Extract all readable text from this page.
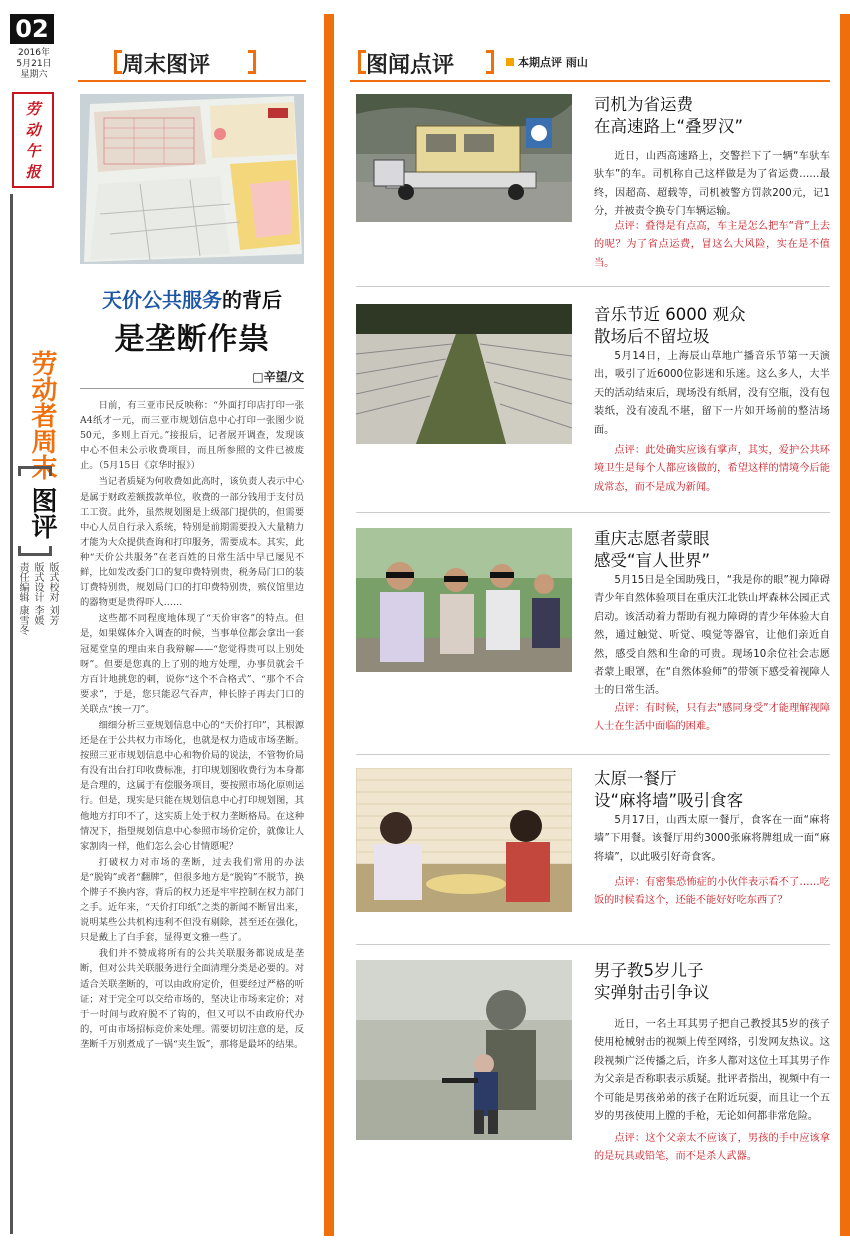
02
2016年
5月21日
星期六
劳
动
午
报
劳动者周末
图评
版式校对 刘芳
版式设计 李媛
责任编辑 康雪冬
周末图评
天价公共服务的背后
是垄断作祟
□辛望/文

日前，有三亚市民反映称：“外面打印店打印一张A4纸才一元，而三亚市规划信息中心打印一张图少说50元，多则上百元。”接报后，记者展开调查，发现该中心不但未公示收费项目，而且所参照的文件已被废止。（5月15日《京华时报》）

当记者质疑为何收费如此高时，该负责人表示中心是属于财政差额拨款单位，收费的一部分钱用于支付员工工资。此外，虽然规划图是上级部门提供的，但需要中心人员自行录入系统，特别是前期需要投入大量精力才能为大众提供查询和打印服务，需要成本。其实，此种“天价公共服务”在老百姓的日常生活中早已屡见不鲜，比如发改委门口的复印费特别贵，税务局门口的装订费特别贵，规划局门口的打印费特别贵，殡仪馆里边的器物更是贵得吓人……

这些都不同程度地体现了“天价审客”的特点。但是，如果媒体介入调查的时候，当事单位都会拿出一套冠冕堂皇的理由来自我辩解——“您觉得贵可以上别处呀”。但要是您真的上了别的地方处理，办事员就会千方百计地挑您的刺，说你“这个不合格式”、“那个不合要求”，于是，您只能忍气吞声，伸长脖子再去门口的关联点“挨一刀”。

细细分析三亚规划信息中心的“天价打印”，其根源还是在于公共权力市场化，也就是权力造成市场垄断。按照三亚市规划信息中心和物价局的说法，不管物价局有没有出台打印收费标准，打印规划图收费行为本身都是合理的，这属于有偿服务项目，要按照市场化原则运行。但是，现实是只能在规划信息中心打印规划图，其他地方打印不了，这实质上处于权力垄断格局。在这种情况下，指望规划信息中心参照市场价定价，就像让人家割肉一样，他们怎么会心甘情愿呢？

打破权力对市场的垄断，过去我们常用的办法是“脱钩”或者“翻牌”，但很多地方是“脱钩”不脱节，换个牌子不换内容，背后的权力还是牢牢控制在权力部门之手。近年来，“天价打印纸”之类的新闻不断冒出来，说明某些公共机构违利不但没有剔除，甚至还在强化，只是戴上了白手套，显得更文雅一些了。

我们并不赞成将所有的公共关联服务都说成是垄断，但对公共关联服务进行全面清理分类是必要的。对适合关联垄断的，可以由政府定价，但要经过严格的听证；对于完全可以交给市场的，坚决让市场来定价；对于一时间与政府脱不了钩的，但又可以不由政府代办的，可由市场招标竞价来处理。需要切切注意的是，反垄断千万别煮成了一锅“夹生饭”，那将是最坏的结果。

图闻点评	本期点评 雨山
司机为省运费
在高速路上“叠罗汉”
近日，山西高速路上，交警拦下了一辆“车驮车驮车”的车。司机称自己这样做是为了省运费……最终，因超高、超载等，司机被警方罚款200元，记1分，并被责令换专门车辆运输。
点评：叠得是有点高，车主是怎么把车“背”上去的呢？为了省点运费，冒这么大风险，实在是不值当。
音乐节近 6000 观众
散场后不留垃圾
5月14日，上海辰山草地广播音乐节第一天演出，吸引了近6000位影迷和乐迷。这么多人，大半天的活动结束后，现场没有纸屑，没有空瓶，没有包装纸，没有凌乱不堪，留下一片如开场前的整洁场面。
点评：此处确实应该有掌声，其实，爱护公共环境卫生是每个人都应该做的，希望这样的情境今后能成常态，而不是成为新闻。
重庆志愿者蒙眼
感受“盲人世界”
5月15日是全国助残日，“我是你的眼”视力障碍青少年自然体验项目在重庆江北铁山坪森林公园正式启动。该活动着力帮助有视力障碍的青少年体验大自然，通过触觉、听觉、嗅觉等器官，让他们亲近自然，感受自然和生命的可贵。现场10余位社会志愿者蒙上眼罩，在“自然体验师”的带领下感受着视障人士的日常生活。
点评：有时候，只有去“感同身受”才能理解视障人士在生活中面临的困难。
太原一餐厅
设“麻将墙”吸引食客
5月17日，山西太原一餐厅，食客在一面“麻将墙”下用餐。该餐厅用约3000张麻将牌组成一面“麻将墙”，以此吸引好奇食客。
点评：有密集恐怖症的小伙伴表示看不了……吃饭的时候看这个，还能不能好好吃东西了？
男子教5岁儿子
实弹射击引争议
近日，一名土耳其男子把自己教授其5岁的孩子使用枪械射击的视频上传至网络，引发网友热议。这段视频广泛传播之后，许多人都对这位土耳其男子作为父亲是否称职表示质疑。批评者指出，视频中有一个可能是男孩弟弟的孩子在附近玩耍，而且让一个五岁的男孩使用上膛的手枪，无论如何都非常危险。
点评：这个父亲太不应该了，男孩的手中应该拿的是玩具或铅笔，而不是杀人武器。
